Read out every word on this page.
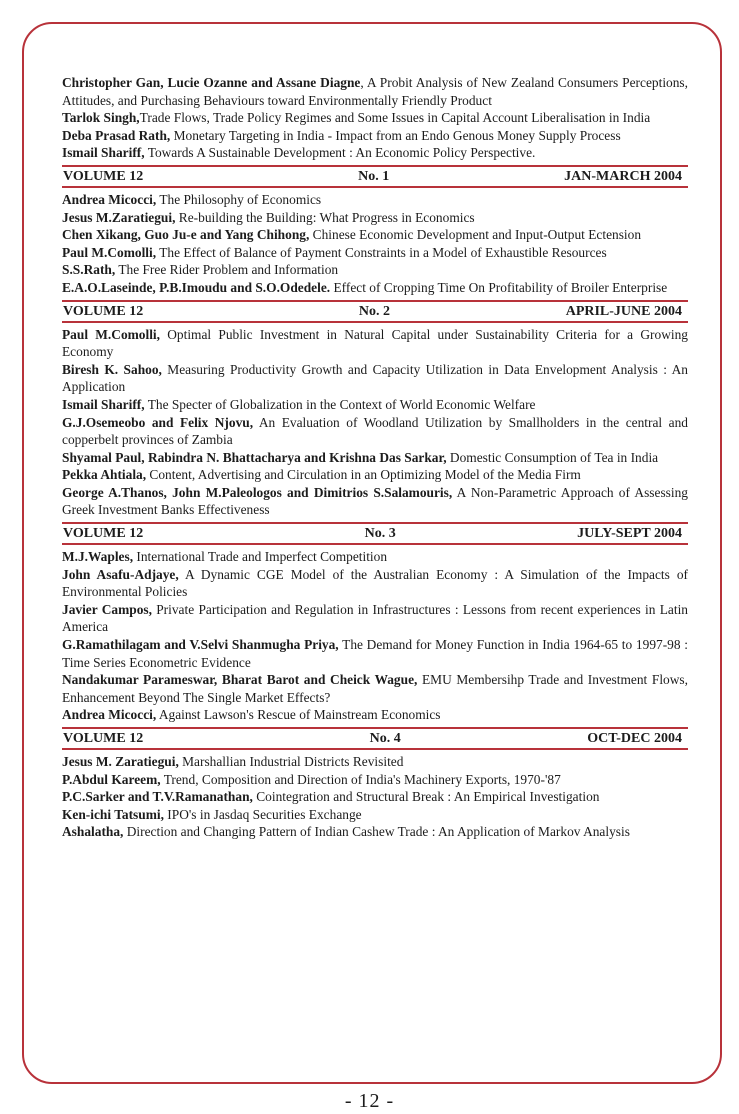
Christopher Gan, Lucie Ozanne and Assane Diagne, A Probit Analysis of New Zealand Consumers Perceptions, Attitudes, and Purchasing Behaviours toward Environmentally Friendly Product

Tarlok Singh,Trade Flows, Trade Policy Regimes and Some Issues in Capital Account Liberalisation in India

Deba Prasad Rath, Monetary Targeting in India - Impact from an Endo Genous Money Supply Process

Ismail Shariff, Towards A Sustainable Development : An Economic Policy Perspective.

VOLUME 12	No. 1	JAN-MARCH 2004

Andrea Micocci, The Philosophy of Economics

Jesus M.Zaratiegui, Re-building the Building: What Progress in Economics

Chen Xikang, Guo Ju-e and Yang Chihong, Chinese Economic Development and Input-Output Ectension

Paul M.Comolli, The Effect of Balance of Payment Constraints in a Model of Exhaustible Resources

S.S.Rath, The Free Rider Problem and Information

E.A.O.Laseinde, P.B.Imoudu and S.O.Odedele. Effect of Cropping Time On Profitability of Broiler Enterprise

VOLUME 12	No. 2	APRIL-JUNE 2004

Paul M.Comolli, Optimal Public Investment in Natural Capital under Sustainability Criteria for a Growing Economy

Biresh K. Sahoo, Measuring Productivity Growth and Capacity Utilization in Data Envelopment Analysis : An Application

Ismail Shariff, The Specter of Globalization in the Context of World Economic Welfare

G.J.Osemeobo and Felix Njovu, An Evaluation of Woodland Utilization by Smallholders in the central and copperbelt provinces of Zambia

Shyamal Paul, Rabindra N. Bhattacharya and Krishna Das Sarkar, Domestic Consumption of Tea in India

Pekka Ahtiala, Content, Advertising and Circulation in an Optimizing Model of the Media Firm

George A.Thanos, John M.Paleologos and Dimitrios S.Salamouris, A Non-Parametric Approach of Assessing Greek Investment Banks Effectiveness

VOLUME 12	No. 3	JULY-SEPT 2004

M.J.Waples, International Trade and Imperfect Competition

John Asafu-Adjaye, A Dynamic CGE Model of the Australian Economy : A Simulation of the Impacts of Environmental Policies

Javier Campos, Private Participation and Regulation in Infrastructures : Lessons from recent experiences in Latin America

G.Ramathilagam and V.Selvi Shanmugha Priya, The Demand for Money Function in India 1964-65 to 1997-98 : Time Series Econometric Evidence

Nandakumar Parameswar, Bharat Barot and Cheick Wague, EMU Membersihp Trade and Investment Flows, Enhancement Beyond The Single Market Effects?

Andrea Micocci, Against Lawson's Rescue of Mainstream Economics

VOLUME 12	No. 4	OCT-DEC 2004

Jesus M. Zaratiegui, Marshallian Industrial Districts Revisited

P.Abdul Kareem, Trend, Composition and Direction of India's Machinery Exports, 1970-'87

P.C.Sarker and T.V.Ramanathan, Cointegration and Structural Break : An Empirical Investigation

Ken-ichi Tatsumi, IPO's in Jasdaq Securities Exchange

Ashalatha, Direction and Changing Pattern of Indian Cashew Trade : An Application of Markov Analysis

- 12 -
